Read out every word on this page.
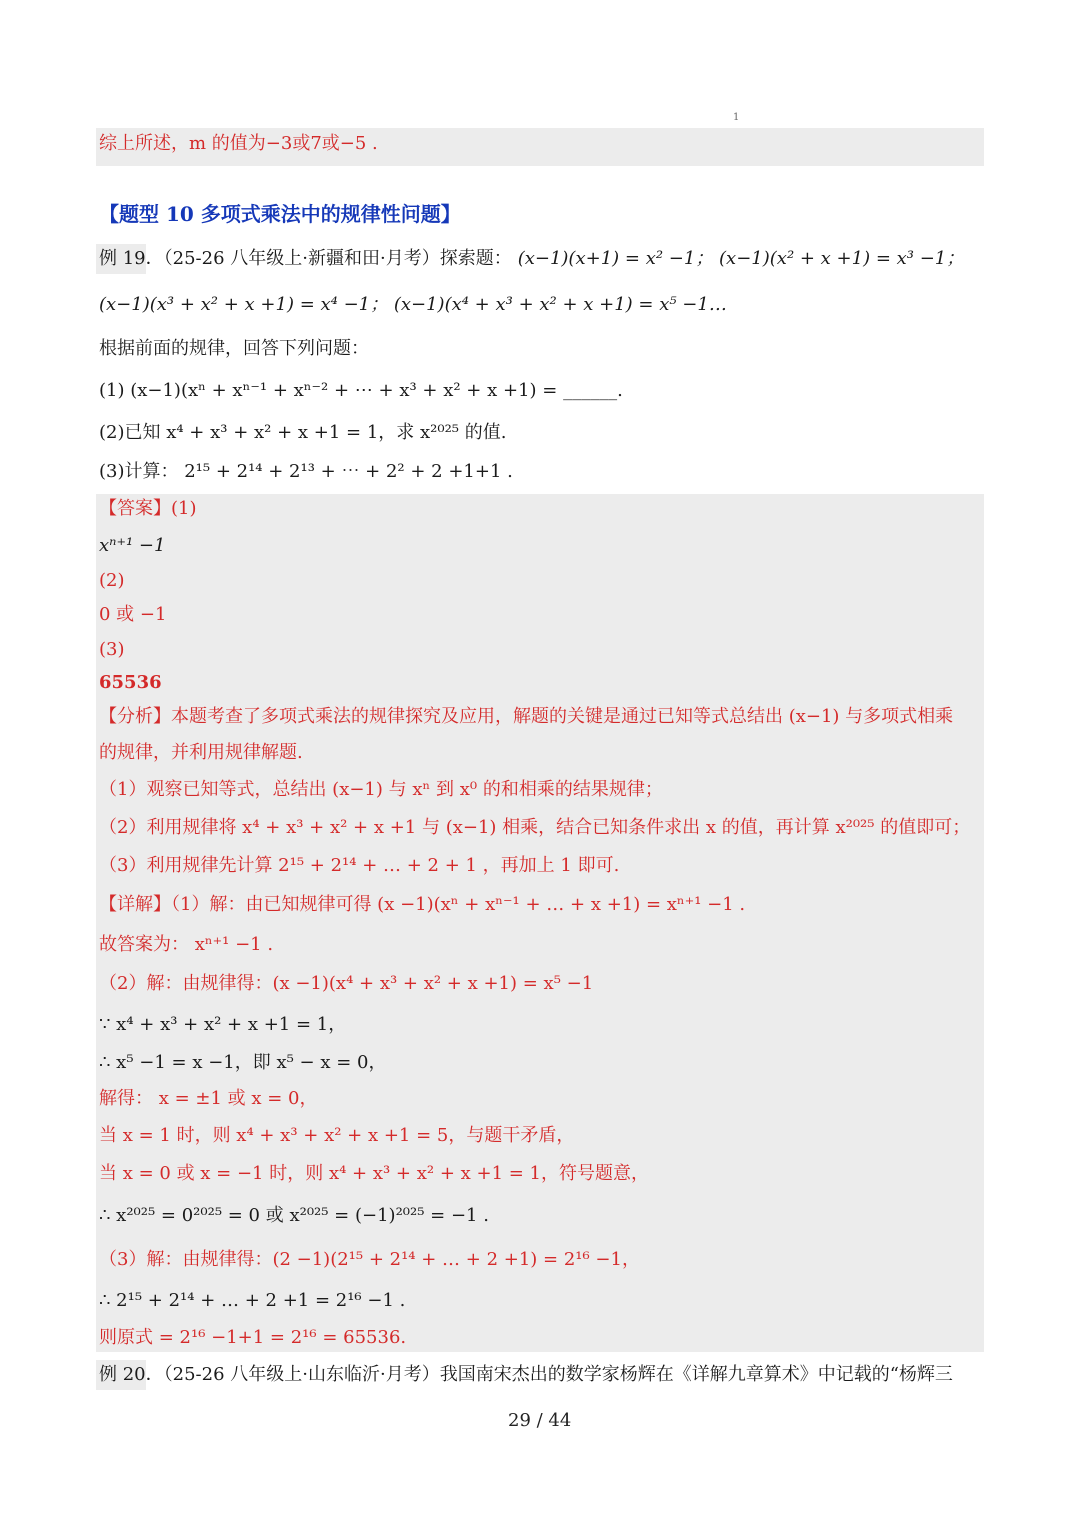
1
综上所述，m 的值为−3或7或−5 .
【题型 10 多项式乘法中的规律性问题】
例 19．（25-26 八年级上·新疆和田·月考）探索题： (x−1)(x+1) = x² −1； (x−1)(x² + x +1) = x³ −1；
(x−1)(x³ + x² + x +1) = x⁴ −1； (x−1)(x⁴ + x³ + x² + x +1) = x⁵ −1…
根据前面的规律，回答下列问题：
(1) (x−1)(xⁿ + xⁿ⁻¹ + xⁿ⁻² + ⋯ + x³ + x² + x +1) = ______.
(2)已知 x⁴ + x³ + x² + x +1 = 1，求 x²⁰²⁵ 的值.
(3)计算： 2¹⁵ + 2¹⁴ + 2¹³ + ⋯ + 2² + 2 +1+1 .
【答案】(1)
xⁿ⁺¹ −1
(2)
0 或 −1
(3)
65536
【分析】本题考查了多项式乘法的规律探究及应用，解题的关键是通过已知等式总结出 (x−1) 与多项式相乘
的规律，并利用规律解题.
（1）观察已知等式，总结出 (x−1) 与 xⁿ 到 x⁰ 的和相乘的结果规律；
（2）利用规律将 x⁴ + x³ + x² + x +1 与 (x−1) 相乘，结合已知条件求出 x 的值，再计算 x²⁰²⁵ 的值即可；
（3）利用规律先计算 2¹⁵ + 2¹⁴ + … + 2 + 1 ，再加上 1 即可.
【详解】（1）解：由已知规律可得 (x −1)(xⁿ + xⁿ⁻¹ + … + x +1) = xⁿ⁺¹ −1 .
故答案为： xⁿ⁺¹ −1 .
（2）解：由规律得：(x −1)(x⁴ + x³ + x² + x +1) = x⁵ −1
∵ x⁴ + x³ + x² + x +1 = 1，
∴ x⁵ −1 = x −1，即 x⁵ − x = 0，
解得： x = ±1 或 x = 0，
当 x = 1 时，则 x⁴ + x³ + x² + x +1 = 5，与题干矛盾，
当 x = 0 或 x = −1 时，则 x⁴ + x³ + x² + x +1 = 1，符号题意，
∴ x²⁰²⁵ = 0²⁰²⁵ = 0 或 x²⁰²⁵ = (−1)²⁰²⁵ = −1 .
（3）解：由规律得：(2 −1)(2¹⁵ + 2¹⁴ + … + 2 +1) = 2¹⁶ −1，
∴ 2¹⁵ + 2¹⁴ + … + 2 +1 = 2¹⁶ −1 .
则原式 = 2¹⁶ −1+1 = 2¹⁶ = 65536.
例 20．（25-26 八年级上·山东临沂·月考）我国南宋杰出的数学家杨辉在《详解九章算术》中记载的“杨辉三
29 / 44
